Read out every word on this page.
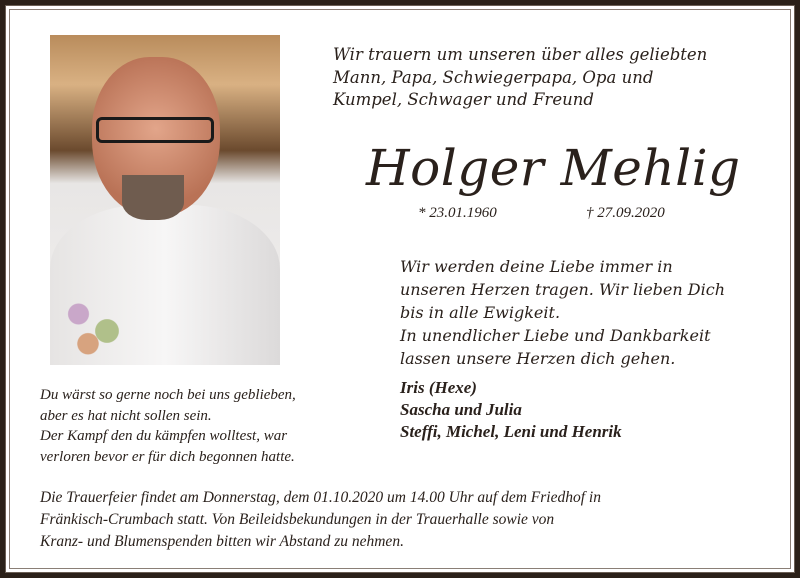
Wir trauern um unseren über alles geliebten
Mann, Papa, Schwiegerpapa, Opa und
Kumpel, Schwager und Freund
Holger Mehlig
* 23.01.1960	† 27.09.2020
Wir werden deine Liebe immer in
unseren Herzen tragen. Wir lieben Dich
bis in alle Ewigkeit.
In unendlicher Liebe und Dankbarkeit
lassen unsere Herzen dich gehen.
Du wärst so gerne noch bei uns geblieben,
aber es hat nicht sollen sein.
Der Kampf den du kämpfen wolltest, war
verloren bevor er für dich begonnen hatte.
Iris (Hexe)
Sascha und Julia
Steffi, Michel, Leni und Henrik
Die Trauerfeier findet am Donnerstag, dem 01.10.2020 um 14.00 Uhr auf dem Friedhof in
Fränkisch-Crumbach statt. Von Beileidsbekundungen in der Trauerhalle sowie von
Kranz- und Blumenspenden bitten wir Abstand zu nehmen.
